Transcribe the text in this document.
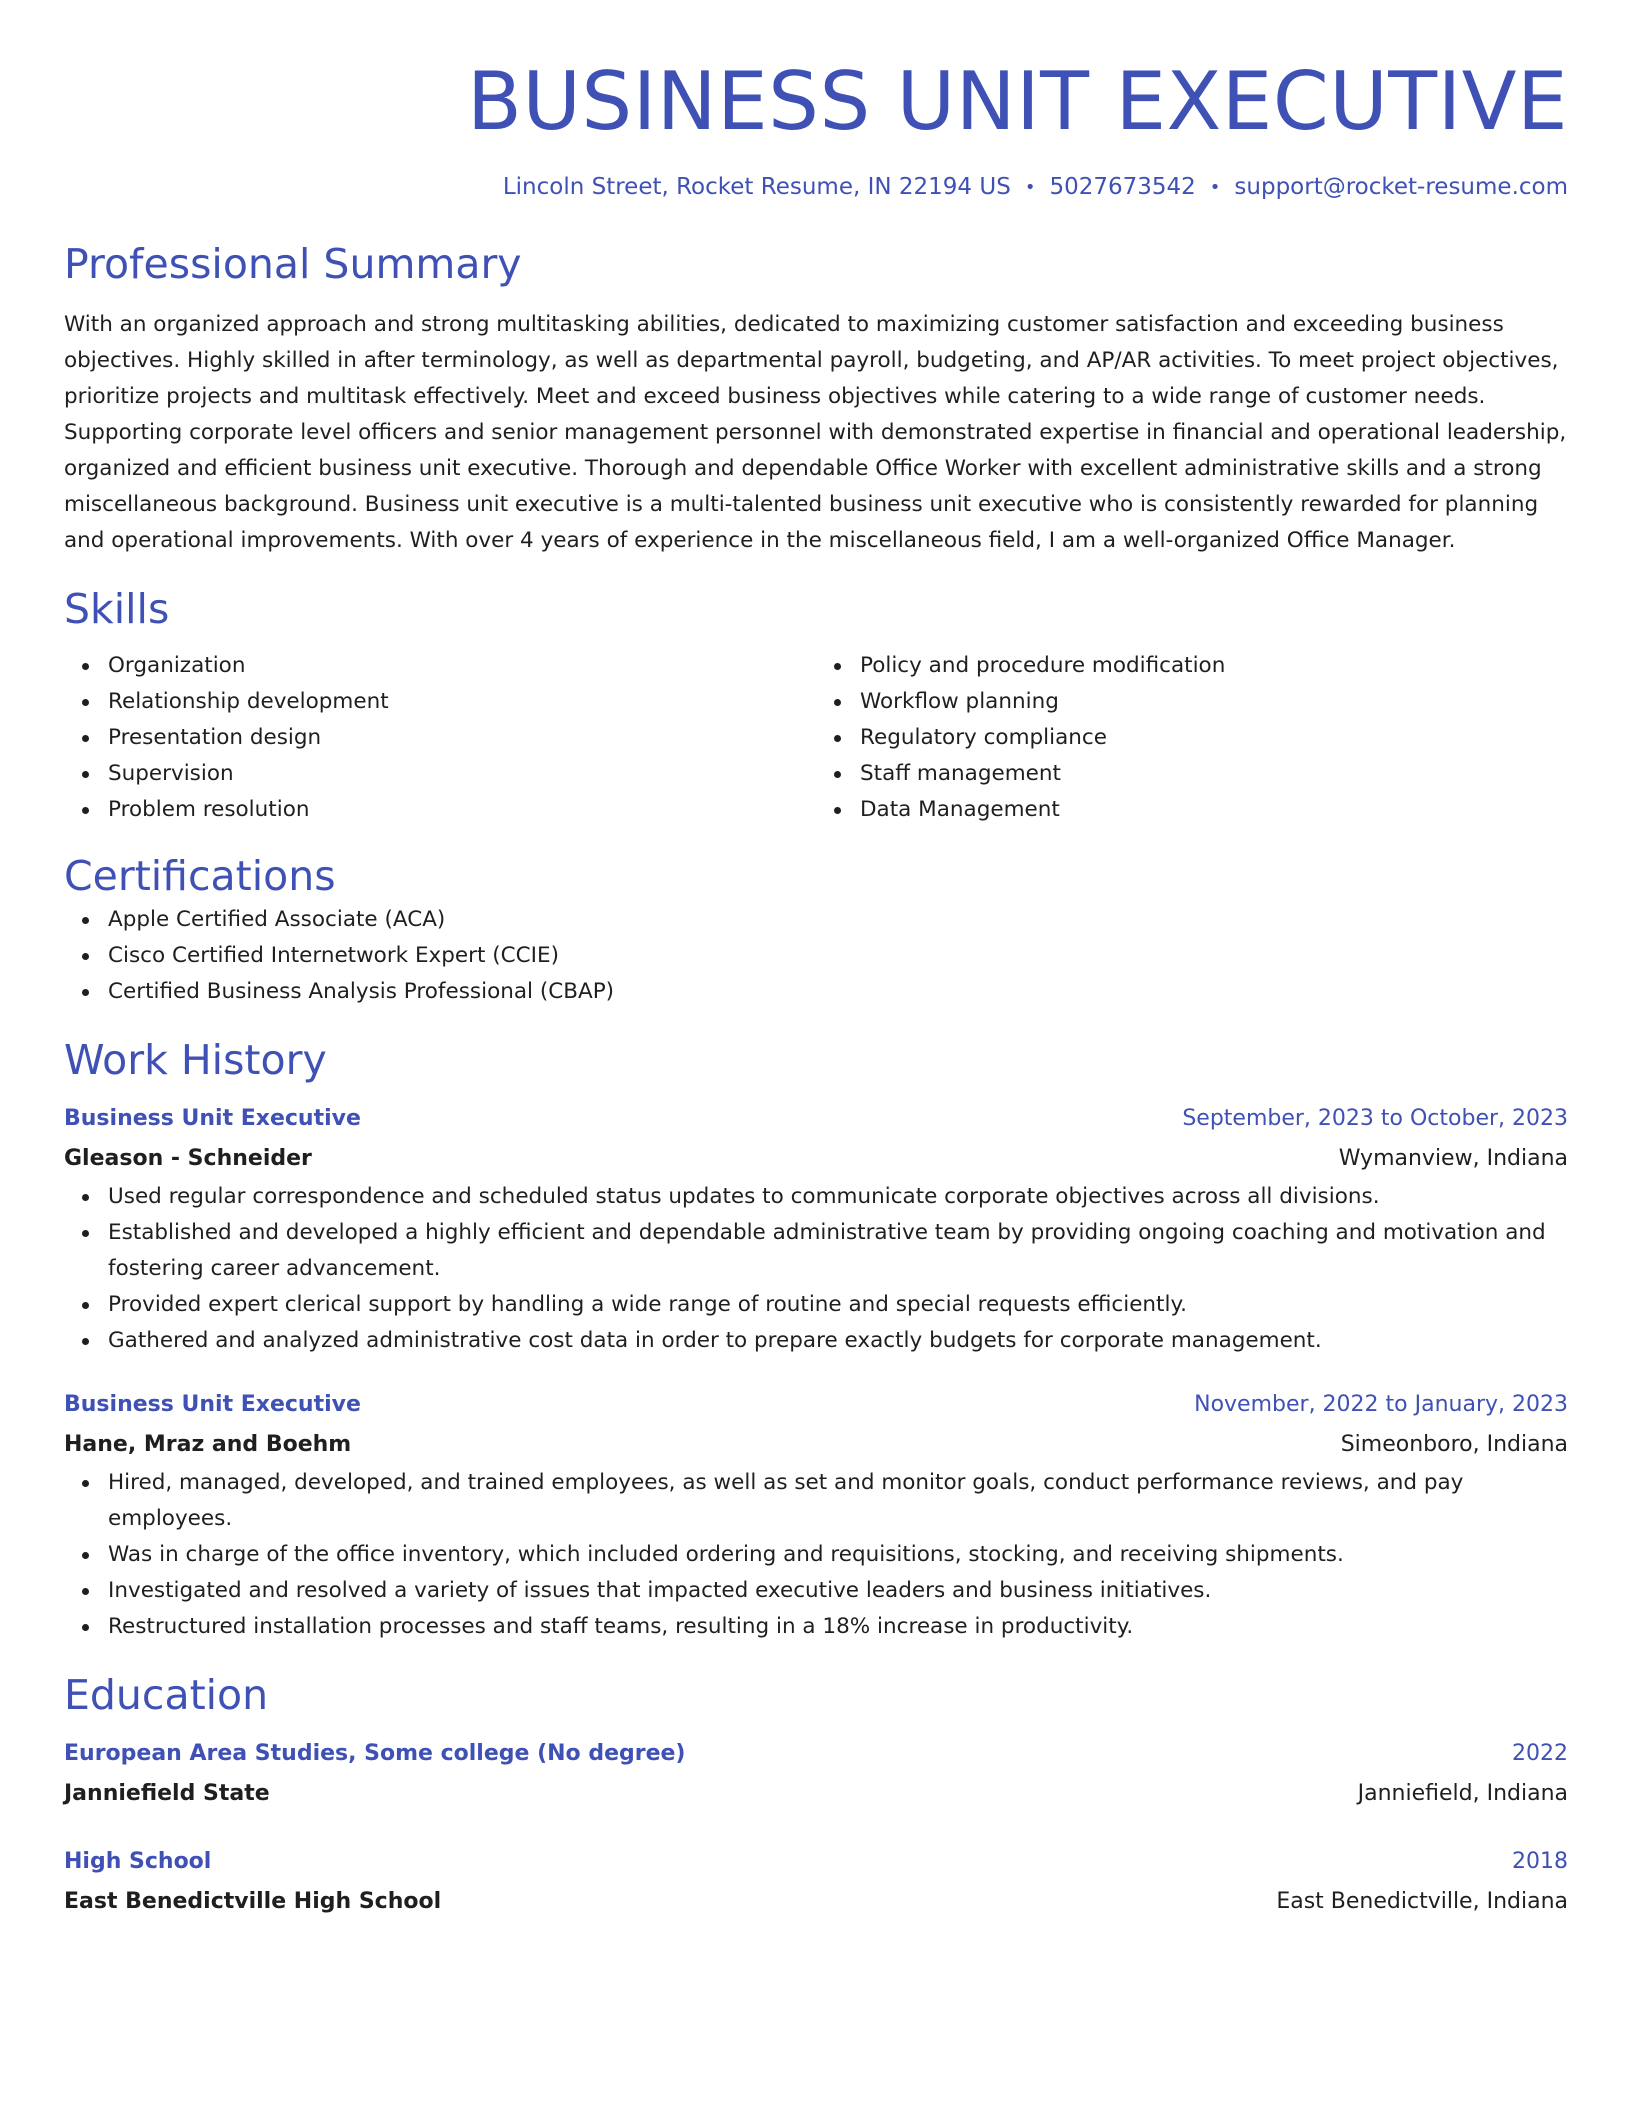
BUSINESS UNIT EXECUTIVE
Lincoln Street, Rocket Resume, IN 22194 US • 5027673542 • support@rocket-resume.com
Professional Summary

With an organized approach and strong multitasking abilities, dedicated to maximizing customer satisfaction and exceeding business objectives. Highly skilled in after terminology, as well as departmental payroll, budgeting, and AP/AR activities. To meet project objectives, prioritize projects and multitask effectively. Meet and exceed business objectives while catering to a wide range of customer needs. Supporting corporate level officers and senior management personnel with demonstrated expertise in financial and operational leadership, organized and efficient business unit executive. Thorough and dependable Office Worker with excellent administrative skills and a strong miscellaneous background. Business unit executive is a multi-talented business unit executive who is consistently rewarded for planning and operational improvements. With over 4 years of experience in the miscellaneous field, I am a well-organized Office Manager.

Skills
Organization
Relationship development
Presentation design
Supervision
Problem resolution
Policy and procedure modification
Workflow planning
Regulatory compliance
Staff management
Data Management
Certifications
Apple Certified Associate (ACA)
Cisco Certified Internetwork Expert (CCIE)
Certified Business Analysis Professional (CBAP)
Work History
Business Unit Executive	September, 2023 to October, 2023
Gleason - Schneider	Wymanview, Indiana
Used regular correspondence and scheduled status updates to communicate corporate objectives across all divisions.
Established and developed a highly efficient and dependable administrative team by providing ongoing coaching and motivation and fostering career advancement.
Provided expert clerical support by handling a wide range of routine and special requests efficiently.
Gathered and analyzed administrative cost data in order to prepare exactly budgets for corporate management.
Business Unit Executive	November, 2022 to January, 2023
Hane, Mraz and Boehm	Simeonboro, Indiana
Hired, managed, developed, and trained employees, as well as set and monitor goals, conduct performance reviews, and pay employees.
Was in charge of the office inventory, which included ordering and requisitions, stocking, and receiving shipments.
Investigated and resolved a variety of issues that impacted executive leaders and business initiatives.
Restructured installation processes and staff teams, resulting in a 18% increase in productivity.
Education
European Area Studies, Some college (No degree)	2022
Janniefield State	Janniefield, Indiana
High School	2018
East Benedictville High School	East Benedictville, Indiana
